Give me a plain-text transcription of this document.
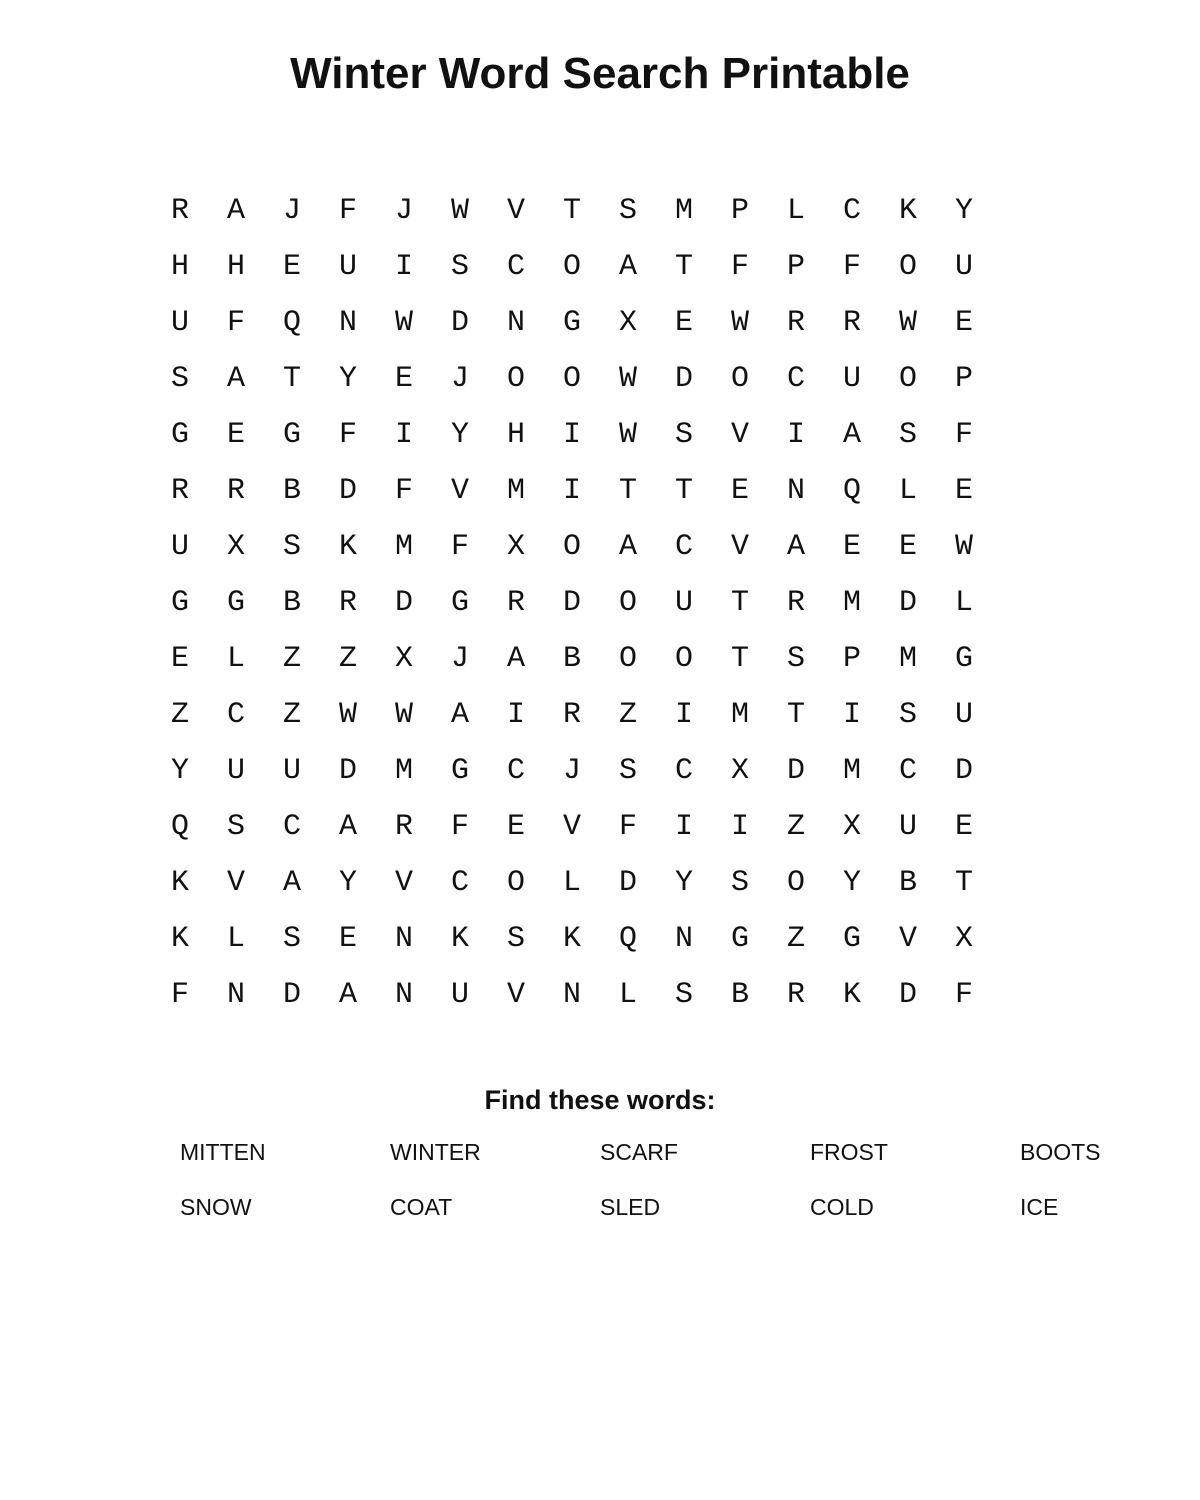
Winter Word Search Printable
R	A	J	F	J	W	V	T	S	M	P	L	C	K	Y
H	H	E	U	I	S	C	O	A	T	F	P	F	O	U
U	F	Q	N	W	D	N	G	X	E	W	R	R	W	E
S	A	T	Y	E	J	O	O	W	D	O	C	U	O	P
G	E	G	F	I	Y	H	I	W	S	V	I	A	S	F
R	R	B	D	F	V	M	I	T	T	E	N	Q	L	E
U	X	S	K	M	F	X	O	A	C	V	A	E	E	W
G	G	B	R	D	G	R	D	O	U	T	R	M	D	L
E	L	Z	Z	X	J	A	B	O	O	T	S	P	M	G
Z	C	Z	W	W	A	I	R	Z	I	M	T	I	S	U
Y	U	U	D	M	G	C	J	S	C	X	D	M	C	D
Q	S	C	A	R	F	E	V	F	I	I	Z	X	U	E
K	V	A	Y	V	C	O	L	D	Y	S	O	Y	B	T
K	L	S	E	N	K	S	K	Q	N	G	Z	G	V	X
F	N	D	A	N	U	V	N	L	S	B	R	K	D	F
Find these words:
MITTEN	WINTER	SCARF	FROST	BOOTS
SNOW	COAT	SLED	COLD	ICE
